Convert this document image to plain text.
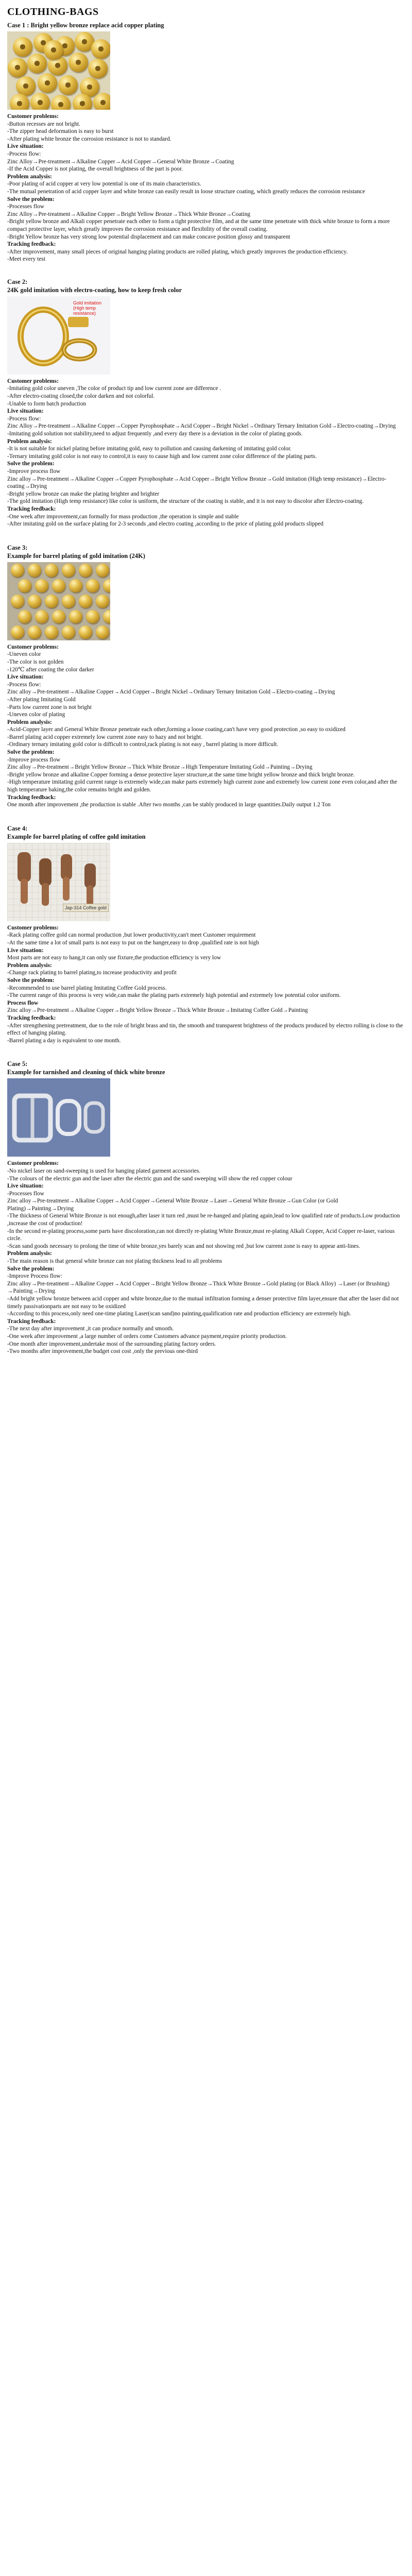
CLOTHING-BAGS
Case 1 : Bright yellow bronze replace acid copper plating
Customer problems:
-Button recesses are not bright.
-The zipper head deformation is easy to burst
-After plating white bronze the corrosion resistance is not to standard.
Live situation:
-Process flow:
Zinc Alloy→Pre-treatment→Alkaline Copper→Acid Copper→General White Bronze→Coating
-If the Acid Copper is not plating, the overall brightness of the part is poor.
Problem analysis:
-Poor plating of acid copper at very low potential is one of its main characteristics.
-The mutual penetration of acid copper layer and white bronze can easily result in loose structure coating, which greatly reduces the corrosion resistance
Solve the problem:
-Processes flow
Zinc Alloy→Pre-treatment→Alkaline Copper→Bright Yellow Bronze→Thick White Bronze→Coating
-Bright yellow bronze and Alkali copper penetrate each other to form a tight protective film, and at the same time penetrate with thick white bronze to form a more compact protective layer, which greatly improves the corrosion resistance and flexibility of the overall coating.
-Bright Yellow bronze has very strong low potential displacement and can make concave position glossy and transparent
Tracking feedback:
-After improvement, many small pieces of original hanging plating products are rolled plating, which greatly improves the production efficiency.
-Meet every test
Case 2:
24K gold imitation with electro-coating, how to keep fresh color
Gold imitation (High temp resistance)
Customer problems:
-Imitating gold color uneven ,The color of product tip and low current zone are difference .
-After electro-coating closed,the color darken and not colorful.
-Unable to form batch production
Live situation:
-Process flow:
Zinc Alloy→Pre-treatment→Alkaline Copper→Copper Pyrophosphate→Acid Copper→Bright Nickel→Ordinary Ternary Imitation Gold→Electro-coating→Drying
-Imitating gold solution not stability,need to adjust frequently ,and every day there is a deviation in the color of plating goods.
Problem analysis:
-It is not suitable for nickel plating before imitating gold, easy to pollution and causing darkening of imitating gold color.
-Ternary imitating gold color is not easy to control,it is easy to cause high and low current zone color difference of the plating parts.
Solve the problem:
-Improve process flow
Zinc alloy→Pre-treatment→Alkaline Copper→Copper Pyrophosphate→Acid Copper→Bright Yellow Bronze→Gold imitation (High temp resistance)→Electro-coating→Drying
-Bright yellow bronze can make the plating brighter and brighter
-The gold imitation (High temp resistance) like color is uniform, the structure of the coating is stable, and it is not easy to discolor after Electro-coating.
Tracking feedback:
-One week after improvement,can formally for mass production ,the operation is simple and stable
-After imitating gold on the surface plating for 2-3 seconds ,and electro coating ,according to the price of plating gold products slipped
Case 3:
Example for barrel plating of gold imitation (24K)
Customer problems:
-Uneven color
-The color is not golden
-120℃ after coating the color darker
Live situation:
-Process flow:
Zinc alloy→Pre-treatment→Alkaline Copper→Acid Copper→Bright Nickel→Ordinary Ternary Imitation Gold→Electro-coating→Drying
-After plating Imitating Gold
-Parts low current zone is not bright
-Uneven color of plating
Problem analysis:
-Acid-Copper layer and General White Bronze penetrate each other,forming a loose coating,can't have very good protection ,so easy to oxidized
-Barrel plating acid copper extremely low current zone easy to hazy and not bright.
-Ordinary ternary imitating gold color is difficult to control,rack plating is not easy , barrel plating is more difficult.
Solve the problem:
-Improve process flow
Zinc alloy→Pre-treatment→Bright Yellow Bronze→Thick White Bronze→High Temperature Imitating Gold→Painting→Drying
-Bright yellow bronze and alkaline Copper forming a dense protective layer structure,at the same time bright yellow bronze and thick bright bronze.
-High temperature imitating gold current range is extremely wide,can make parts extremely high current zone and extremely low current zone even color,and after the high temperature baking,the color remains bright and golden.
Tracking feedback:
One month after improvement ,the production is stable .After two months ,can be stably produced in large quantities.Daily output 1.2 Ton
Case 4:
Example for barrel plating of coffee gold imitation
Jap-314 Coffee gold
Customer problems:
-Rack plating coffee gold can normal production ,but lower productivity,can't meet Customer requirement
-At the same time a lot of small parts is not easy to put on the hanger,easy to drop ,qualified rate is not high
Live situation:
Most parts are not easy to hang,it can only use fixture,the production efficiency is very low
Problem analysis:
-Change rack plating to barrel plating,to increase productivity and profit
Solve the problem:
-Recommended to use barrel plating Imitating Coffee Gold process.
-The current range of this process is very wide,can make the plating parts extremely high potential and extremely low potential color uniform.
Process flow
Zinc alloy→Pre-treatment→Alkaline Copper→Bright Yellow Bronze→Thick White Bronze→Imitating Coffee Gold→Painting
Tracking feedback:
-After strengthening pretreatment, due to the role of bright brass and tin, the smooth and transparent brightness of the products produced by electro rolling is close to the effect of hanging plating.
-Barrel plating a day is equivalent to one month.
Case 5:
Example for tarnished and cleaning of thick white bronze
Customer problems:
-No nickel laser on sand-sweeping is used for hanging plated garment accessories.
-The colours of the electric gun and the laser after the electric gun and the sand sweeping will show the red copper colour
Live situation:
-Processes flow
Zinc alloy→Pre-treatment→Alkaline Copper→Acid Copper→General White Bronze→Laser→General White Bronze→Gun Color (or Gold Plating)→Painting→Drying
-The thickness of General White Bronze is not enough,after laser it turn red ,must be re-hanged and plating again,lead to low qualified rate of products.Low production ,increase the cost of production!
-In the second re-plating process,some parts have discoloration,can not directly re-plating White Bronze,must re-plating Alkali Copper, Acid Copper re-laser, various circle.
-Scan sand goods necessary to prolong the time of white bronze,yes barely scan and not showing red ,but low current zone is easy to appear anti-lines.
Problem analysis:
-The main reason is that general white bronze can not plating thickness lead to all problems
Solve the problem:
-Improve Process flow:
Zinc alloy→Pre-treatment→Alkaline Copper→Acid Copper→Bright Yellow Bronze→Thick White Bronze→Gold plating (or Black Alloy) →Laser (or Brushing) →Painting→Drying
-Add bright yellow bronze between acid copper and white bronze,due to the mutual infiltration forming a denser protective film layer,ensure that after the laser did not timely passivationparts are not easy to be oxidized
-According to this process,only need one-time plating Laser(scan sand)no painting,qualification rate and production efficiency are extremely high.
Tracking feedback:
-The next day after improvement ,it can produce normally and smooth.
-One week after improvement ,a large number of orders come Customers advance payment,require priority production.
-One month after improvement,undertake most of the surrounding plating factory orders.
-Two months after improvement,the budget cost cost ,only the previous one-third
